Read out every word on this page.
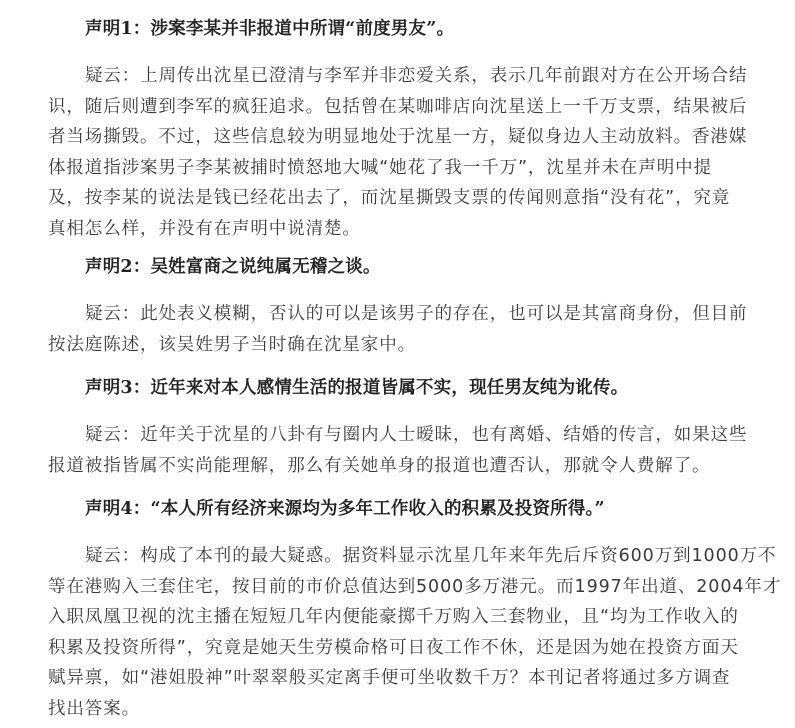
声明1：涉案李某并非报道中所谓“前度男友”。
疑云：上周传出沈星已澄清与李军并非恋爱关系，表示几年前跟对方在公开场合结
识，随后则遭到李军的疯狂追求。包括曾在某咖啡店向沈星送上一千万支票，结果被后
者当场撕毁。不过，这些信息较为明显地处于沈星一方，疑似身边人主动放料。香港媒
体报道指涉案男子李某被捕时愤怒地大喊“她花了我一千万”，沈星并未在声明中提
及，按李某的说法是钱已经花出去了，而沈星撕毁支票的传闻则意指“没有花”，究竟
真相怎么样，并没有在声明中说清楚。
声明2：吴姓富商之说纯属无稽之谈。
疑云：此处表义模糊，否认的可以是该男子的存在，也可以是其富商身份，但目前
按法庭陈述，该吴姓男子当时确在沈星家中。
声明3：近年来对本人感情生活的报道皆属不实，现任男友纯为讹传。
疑云：近年关于沈星的八卦有与圈内人士暧昧，也有离婚、结婚的传言，如果这些
报道被指皆属不实尚能理解，那么有关她单身的报道也遭否认，那就令人费解了。
声明4：“本人所有经济来源均为多年工作收入的积累及投资所得。”
疑云：构成了本刊的最大疑惑。据资料显示沈星几年来年先后斥资600万到1000万不
等在港购入三套住宅，按目前的市价总值达到5000多万港元。而1997年出道、2004年才
入职凤凰卫视的沈主播在短短几年内便能豪掷千万购入三套物业，且“均为工作收入的
积累及投资所得”，究竟是她天生劳模命格可日夜工作不休，还是因为她在投资方面天
赋异禀，如“港姐股神”叶翠翠般买定离手便可坐收数千万？本刊记者将通过多方调查
找出答案。
